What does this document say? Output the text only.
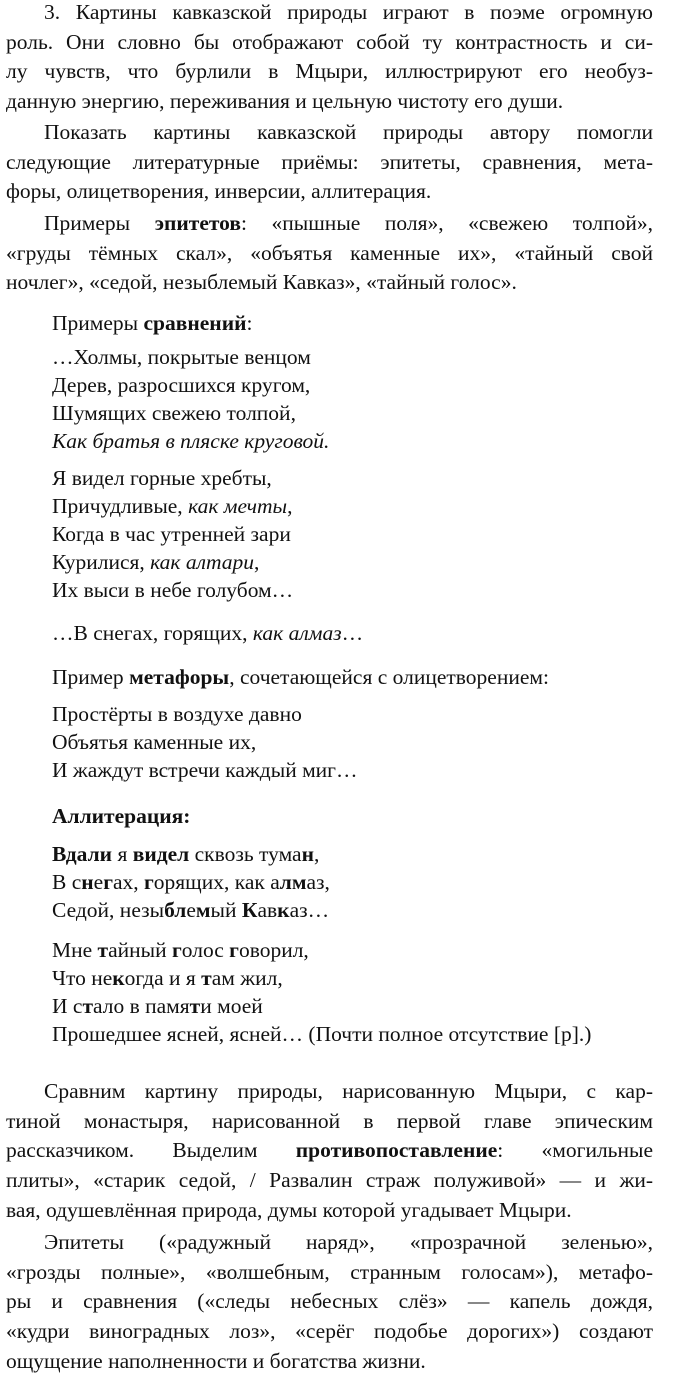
3. Картины кавказской природы играют в поэме огромную
роль. Они словно бы отображают собой ту контрастность и си-
лу чувств, что бурлили в Мцыри, иллюстрируют его необуз-
данную энергию, переживания и цельную чистоту его души.
Показать картины кавказской природы автору помогли
следующие литературные приёмы: эпитеты, сравнения, мета-
форы, олицетворения, инверсии, аллитерация.
Примеры эпитетов: «пышные поля», «свежею толпой»,
«груды тёмных скал», «объятья каменные их», «тайный свой
ночлег», «седой, незыблемый Кавказ», «тайный голос».
Примеры сравнений:
…Холмы, покрытые венцом
Дерев, разросшихся кругом,
Шумящих свежею толпой,
Как братья в пляске круговой.
Я видел горные хребты,
Причудливые, как мечты,
Когда в час утренней зари
Курилися, как алтари,
Их выси в небе голубом…
…В снегах, горящих, как алмаз…
Пример метафоры, сочетающейся с олицетворением:
Простёрты в воздухе давно
Объятья каменные их,
И жаждут встречи каждый миг…
Аллитерация:
Вдали я видел сквозь туман,
В снегах, горящих, как алмаз,
Седой, незыблемый Кавказ…
Мне тайный голос говорил,
Что некогда и я там жил,
И стало в памяти моей
Прошедшее ясней, ясней… (Почти полное отсутствие [р].)
Сравним картину природы, нарисованную Мцыри, с кар-
тиной монастыря, нарисованной в первой главе эпическим
рассказчиком. Выделим противопоставление: «могильные
плиты», «старик седой, / Развалин страж полуживой» — и жи-
вая, одушевлённая природа, думы которой угадывает Мцыри.
Эпитеты («радужный наряд», «прозрачной зеленью»,
«грозды полные», «волшебным, странным голосам»), метафо-
ры и сравнения («следы небесных слёз» — капель дождя,
«кудри виноградных лоз», «серёг подобье дорогих») создают
ощущение наполненности и богатства жизни.
